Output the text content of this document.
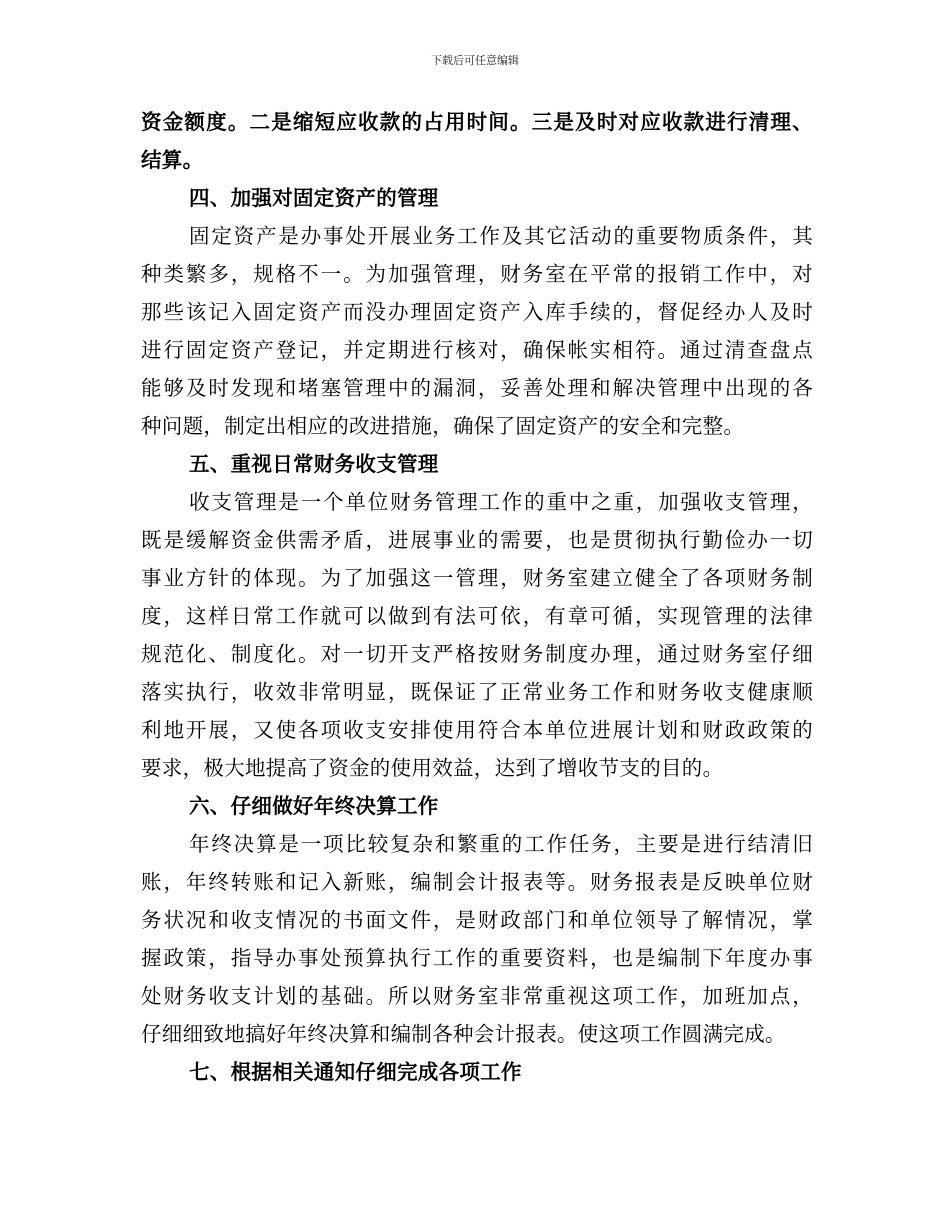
下载后可任意编辑
资金额度。二是缩短应收款的占用时间。三是及时对应收款进行清理、
结算。
四、加强对固定资产的管理
固定资产是办事处开展业务工作及其它活动的重要物质条件，其
种类繁多，规格不一。为加强管理，财务室在平常的报销工作中，对
那些该记入固定资产而没办理固定资产入库手续的，督促经办人及时
进行固定资产登记，并定期进行核对，确保帐实相符。通过清查盘点
能够及时发现和堵塞管理中的漏洞，妥善处理和解决管理中出现的各
种问题，制定出相应的改进措施，确保了固定资产的安全和完整。
五、重视日常财务收支管理
收支管理是一个单位财务管理工作的重中之重，加强收支管理，
既是缓解资金供需矛盾，进展事业的需要，也是贯彻执行勤俭办一切
事业方针的体现。为了加强这一管理，财务室建立健全了各项财务制
度，这样日常工作就可以做到有法可依，有章可循，实现管理的法律
规范化、制度化。对一切开支严格按财务制度办理，通过财务室仔细
落实执行，收效非常明显，既保证了正常业务工作和财务收支健康顺
利地开展，又使各项收支安排使用符合本单位进展计划和财政政策的
要求，极大地提高了资金的使用效益，达到了增收节支的目的。
六、仔细做好年终决算工作
年终决算是一项比较复杂和繁重的工作任务，主要是进行结清旧
账，年终转账和记入新账，编制会计报表等。财务报表是反映单位财
务状况和收支情况的书面文件，是财政部门和单位领导了解情况，掌
握政策，指导办事处预算执行工作的重要资料，也是编制下年度办事
处财务收支计划的基础。所以财务室非常重视这项工作，加班加点，
仔细细致地搞好年终决算和编制各种会计报表。使这项工作圆满完成。
七、根据相关通知仔细完成各项工作
